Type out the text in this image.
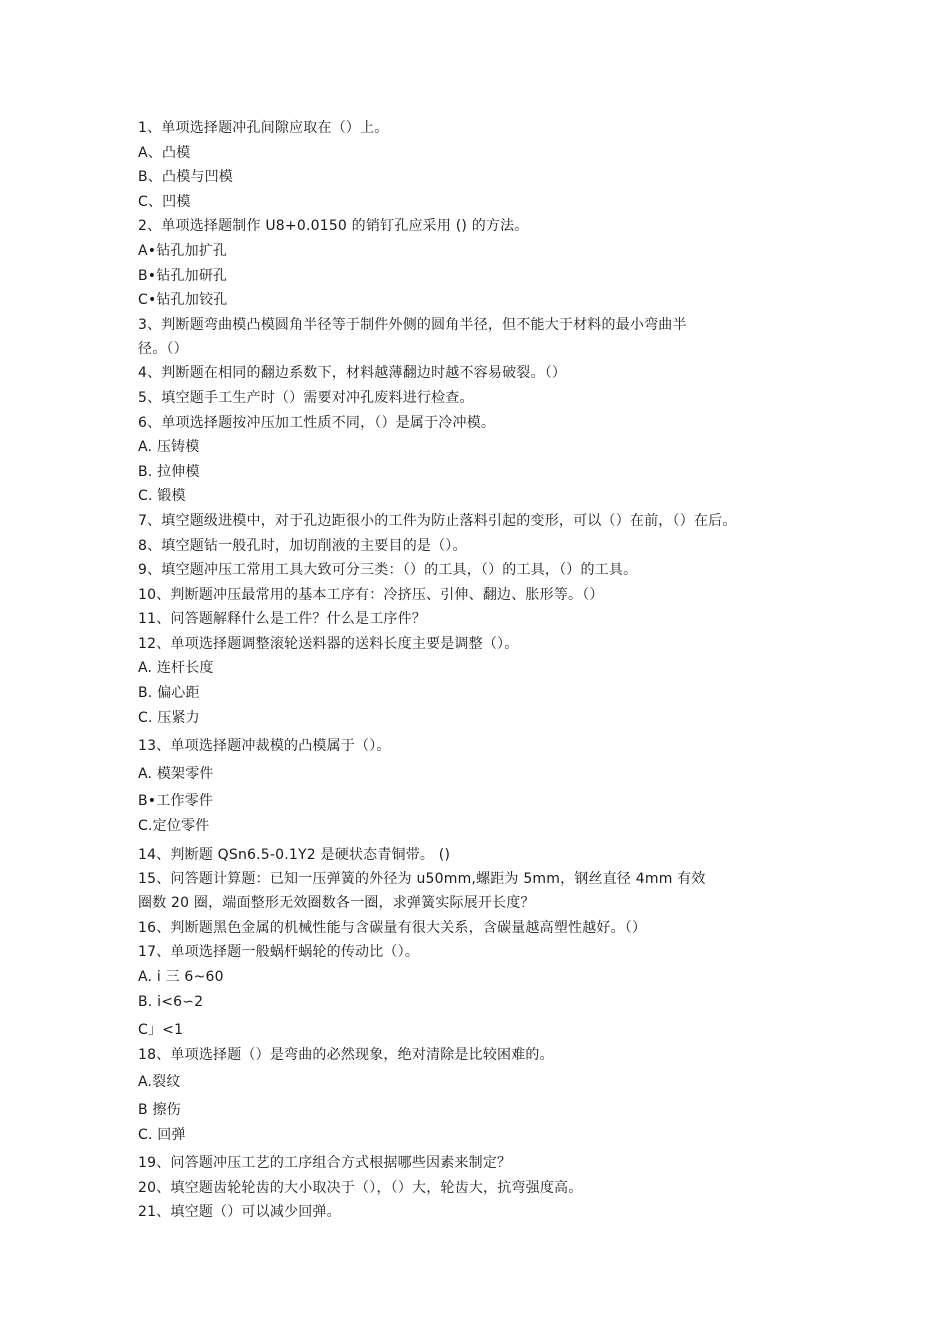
1、单项选择题冲孔间隙应取在（）上。
A、凸模
B、凸模与凹模
C、凹模
2、单项选择题制作 U8+0.0150 的销钉孔应采用 () 的方法。
A•钻孔加扩孔
B•钻孔加研孔
C•钻孔加铰孔
3、判断题弯曲模凸模圆角半径等于制件外侧的圆角半径，但不能大于材料的最小弯曲半
径。（）
4、判断题在相同的翻边系数下，材料越薄翻边时越不容易破裂。（）
5、填空题手工生产时（）需要对冲孔废料进行检查。
6、单项选择题按冲压加工性质不同，（）是属于冷冲模。
A. 压铸模
B. 拉伸模
C. 锻模
7、填空题级进模中，对于孔边距很小的工件为防止落料引起的变形，可以（）在前，（）在后。
8、填空题钻一般孔时，加切削液的主要目的是（）。
9、填空题冲压工常用工具大致可分三类：（）的工具，（）的工具，（）的工具。
10、判断题冲压最常用的基本工序有：冷挤压、引伸、翻边、胀形等。（）
11、问答题解释什么是工件？什么是工序件？
12、单项选择题调整滚轮送料器的送料长度主要是调整（）。
A. 连杆长度
B. 偏心距
C. 压紧力
13、单项选择题冲裁模的凸模属于（）。
A. 模架零件
B•工作零件
C.定位零件
14、判断题 QSn6.5-0.1Y2 是硬状态青铜带。 ()
15、问答题计算题：已知一压弹簧的外径为 u50mm,螺距为 5mm，钢丝直径 4mm 有效
圈数 20 圈，端面整形无效圈数各一圈，求弹簧实际展开长度？
16、判断题黑色金属的机械性能与含碳量有很大关系，含碳量越高塑性越好。（）
17、单项选择题一般蜗杆蜗轮的传动比（）。
A. i 三 6~60
B. i<6∽2
C」<1
18、单项选择题（）是弯曲的必然现象，绝对清除是比较困难的。
A.裂纹
B 擦伤
C. 回弹
19、问答题冲压工艺的工序组合方式根据哪些因素来制定？
20、填空题齿轮轮齿的大小取决于（），（）大，轮齿大，抗弯强度高。
21、填空题（）可以减少回弹。
